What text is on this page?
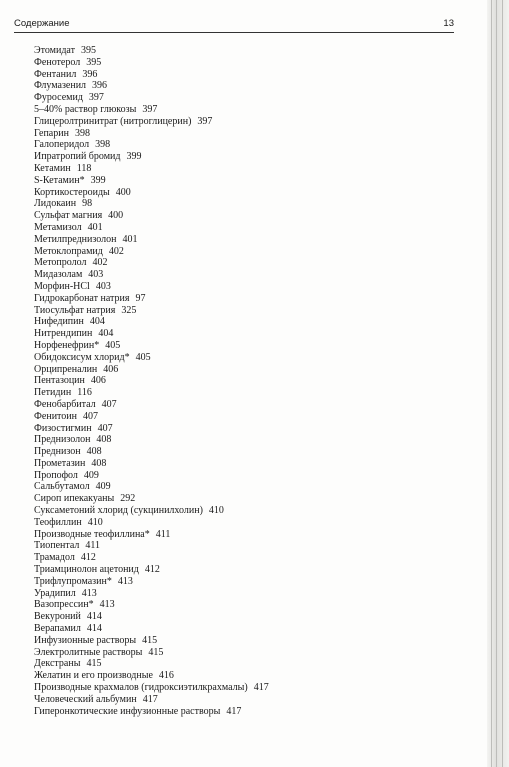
Содержание	13
Этомидат 395
Фенотерол 395
Фентанил 396
Флумазенил 396
Фуросемид 397
5–40% раствор глюкозы 397
Глицеролтринитрат (нитроглицерин) 397
Гепарин 398
Галоперидол 398
Ипратропий бромид 399
Кетамин 118
S-Кетамин* 399
Кортикостероиды 400
Лидокаин 98
Сульфат магния 400
Метамизол 401
Метилпреднизолон 401
Метоклопрамид 402
Метопролол 402
Мидазолам 403
Морфин-HCl 403
Гидрокарбонат натрия 97
Тиосульфат натрия 325
Нифедипин 404
Нитрендипин 404
Норфенефрин* 405
Обидоксисум хлорид* 405
Орципреналин 406
Пентазоцин 406
Петидин 116
Фенобарбитал 407
Фенитоин 407
Физостигмин 407
Преднизолон 408
Преднизон 408
Прометазин 408
Пропофол 409
Сальбутамол 409
Сироп ипекакуаны 292
Суксаметоний хлорид (сукцинилхолин) 410
Теофиллин 410
Производные теофиллина* 411
Тиопентал 411
Трамадол 412
Триамцинолон ацетонид 412
Трифлупромазин* 413
Урадипил 413
Вазопрессин* 413
Векуроний 414
Верапамил 414
Инфузионные растворы 415
Электролитные растворы 415
Декстраны 415
Желатин и его производные 416
Производные крахмалов (гидроксиэтилкрахмалы) 417
Человеческий альбумин 417
Гиперонкотические инфузионные растворы 417
